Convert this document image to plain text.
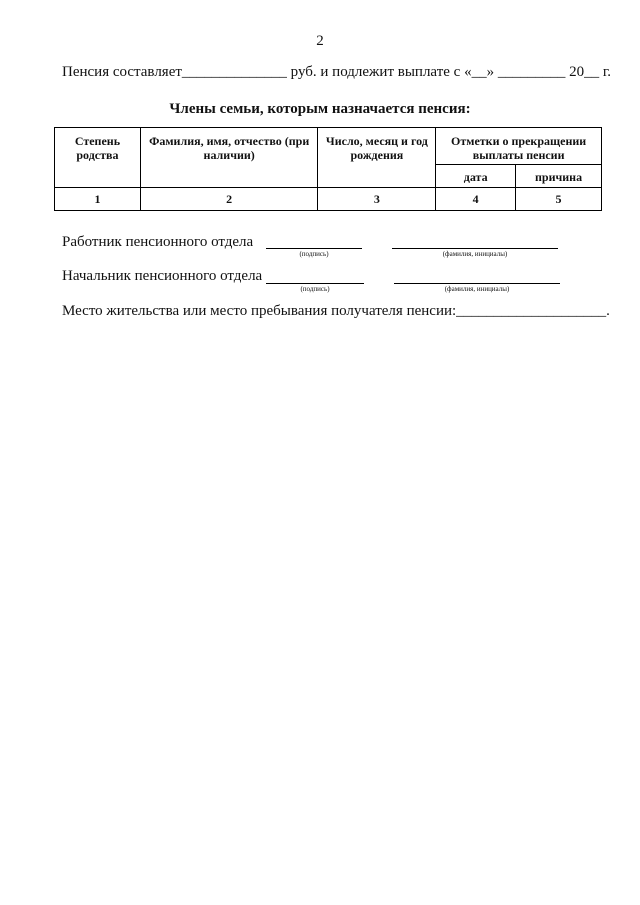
2
Пенсия составляет______________ руб. и подлежит выплате с «__» _________ 20__ г.
Члены семьи, которым назначается пенсия:
Степень родства	Фамилия, имя, отчество (при наличии)	Число, месяц и год рождения	Отметки о прекращении выплаты пенсии	
			дата	причина
1	2	3	4	5
Работник пенсионного отдела
(подпись)	(фамилия, инициалы)
Начальник пенсионного отдела
(подпись)	(фамилия, инициалы)
Место жительства или место пребывания получателя пенсии:____________________.
